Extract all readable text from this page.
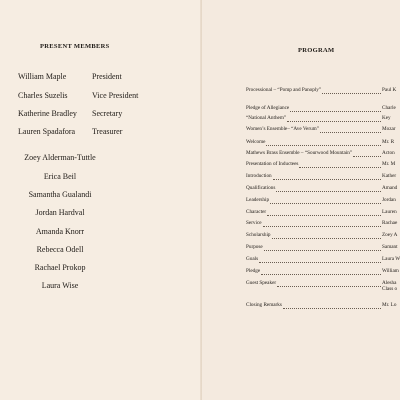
PRESENT MEMBERS
William Maple	President
Charles Suzelis	Vice President
Katherine Bradley Secretary
Lauren Spadafora Treasurer
Zoey Alderman-Tuttle
Erica Beil
Samantha Gualandi
Jordan Hardval
Amanda Knorr
Rebecca Odell
Rachael Prokop
Laura Wise
PROGRAM
Processional – “Pomp and Panoply”	Paul K
Pledge of Allegiance	Charle
“National Anthem”	Key
Women’s Ensemble– “Ave Verum”	Mozar
Welcome	Mr. R
Mathews Brass Ensemble – “Sourwood Mountain”	Acton
Presentation of Inductees	Mr. M
Introduction	Kather
Qualifications	Amand
Leadership	Jordan
Character	Lauren
Service	Rachae
Scholarship	Zoey A
Purpose	Samant
Goals	Laura W
Pledge	William
Guest Speaker	Alesha
Class o
Closing Remarks	Mr. Lo
